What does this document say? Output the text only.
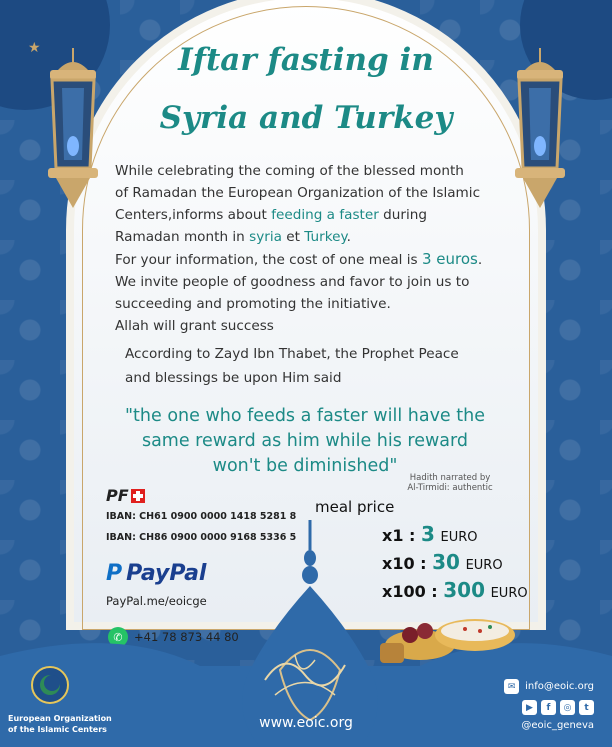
★	Iftar fasting in
Syria and Turkey
While celebrating the coming of the blessed month
of Ramadan the European Organization of the Islamic
Centers,informs about feeding a faster during
Ramadan month in syria et Turkey.
For your information, the cost of one meal is 3 euros.
We invite people of goodness and favor to join us to
succeeding and promoting the initiative.
Allah will grant success
According to Zayd Ibn Thabet, the Prophet Peace
and blessings be upon Him said
"the one who feeds a faster will have the
same reward as him while his reward
won't be diminished"
Hadith narrated by
Al-Tirmidi: authentic
PF
IBAN: CH61 0900 0000 1418 5281 8
IBAN: CH86 0900 0000 9168 5336 5
P PayPal
PayPal.me/eoicge
✆ +41 78 873 44 80
meal price
x1 : 3 EURO
x10 : 30 EURO
x100 : 300 EURO
European Organization
of the Islamic Centers	www.eoic.org
✉ info@eoic.org
▶	f	◎	t
@eoic_geneva
